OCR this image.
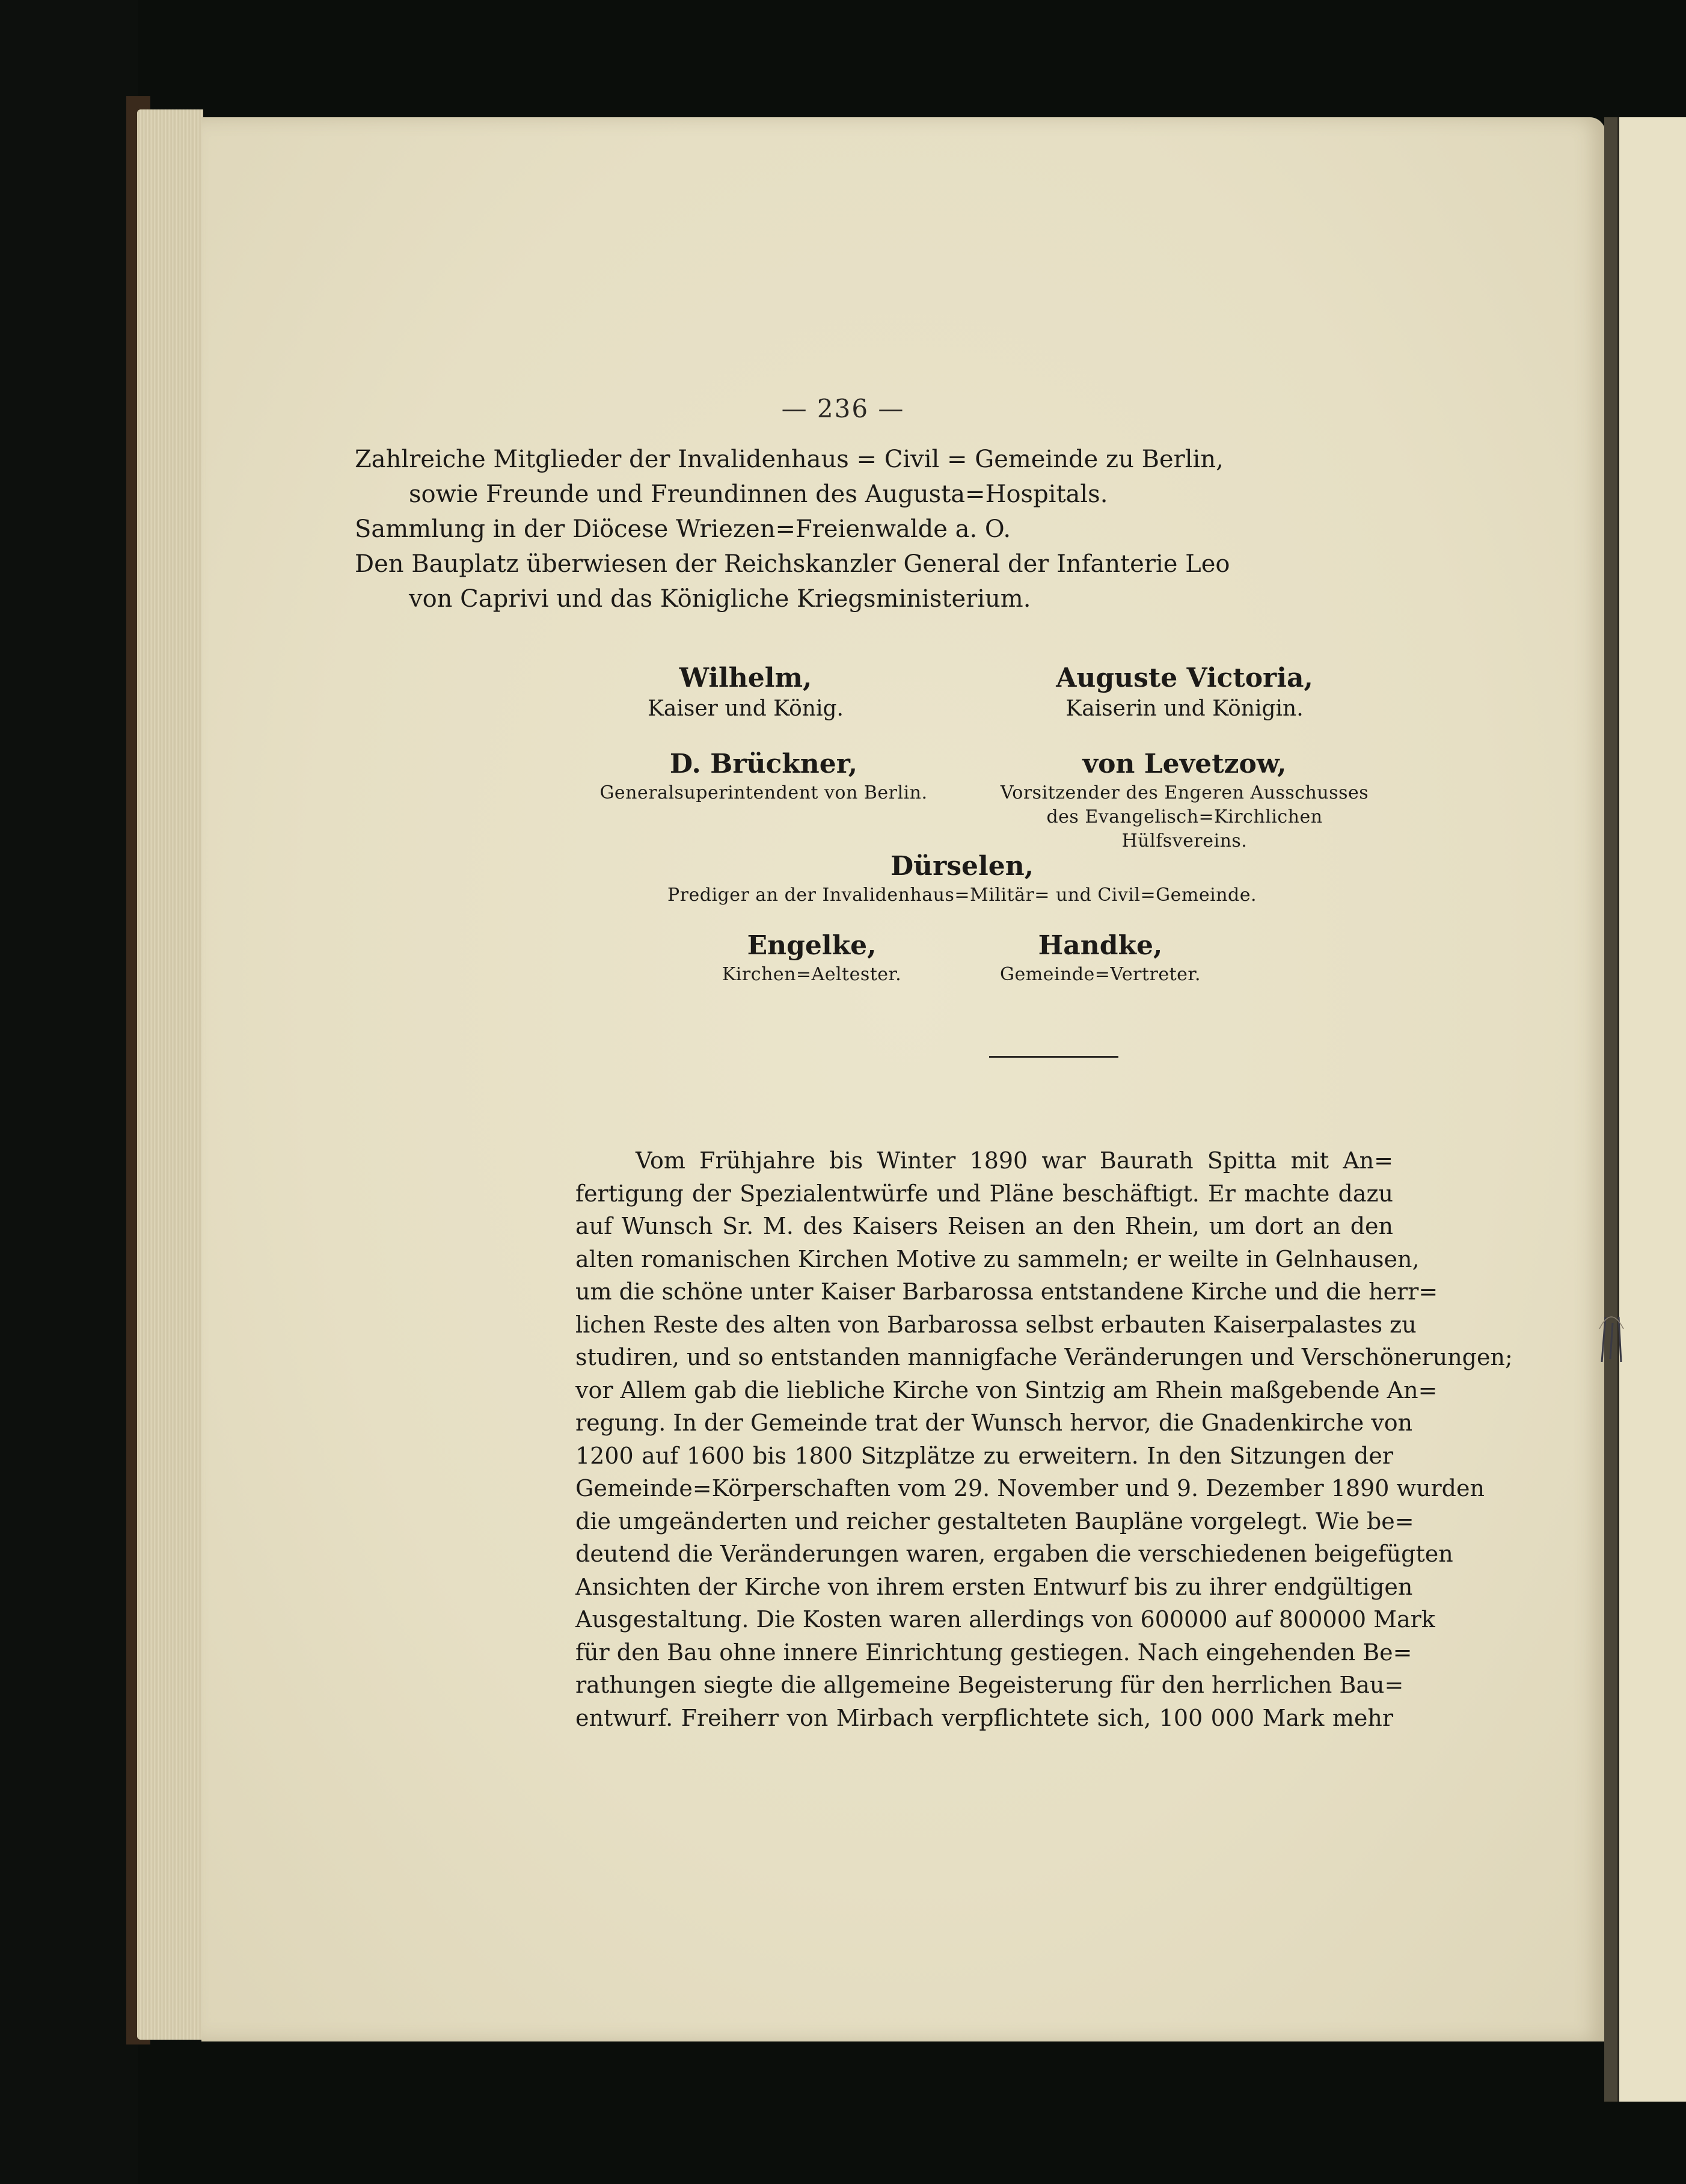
— 236 —
Zahlreiche Mitglieder der Invalidenhaus = Civil = Gemeinde zu Berlin,
sowie Freunde und Freundinnen des Augusta=Hospitals.
Sammlung in der Diöcese Wriezen=Freienwalde a. O.
Den Bauplatz überwiesen der Reichskanzler General der Infanterie Leo
von Caprivi und das Königliche Kriegsministerium.
Wilhelm,
Kaiser und König.
Auguste Victoria,
Kaiserin und Königin.
D. Brückner,
Generalsuperintendent von Berlin.
von Levetzow,
Vorsitzender des Engeren Ausschusses
des Evangelisch=Kirchlichen Hülfsvereins.
Dürselen,
Prediger an der Invalidenhaus=Militär= und Civil=Gemeinde.
Engelke,
Kirchen=Aeltester.
Handke,
Gemeinde=Vertreter.
Vom Frühjahre bis Winter 1890 war Baurath Spitta mit An=
fertigung der Spezialentwürfe und Pläne beschäftigt. Er machte dazu
auf Wunsch Sr. M. des Kaisers Reisen an den Rhein, um dort an den
alten romanischen Kirchen Motive zu sammeln; er weilte in Gelnhausen,
um die schöne unter Kaiser Barbarossa entstandene Kirche und die herr=
lichen Reste des alten von Barbarossa selbst erbauten Kaiserpalastes zu
studiren, und so entstanden mannigfache Veränderungen und Verschönerungen;
vor Allem gab die liebliche Kirche von Sintzig am Rhein maßgebende An=
regung. In der Gemeinde trat der Wunsch hervor, die Gnadenkirche von
1200 auf 1600 bis 1800 Sitzplätze zu erweitern. In den Sitzungen der
Gemeinde=Körperschaften vom 29. November und 9. Dezember 1890 wurden
die umgeänderten und reicher gestalteten Baupläne vorgelegt. Wie be=
deutend die Veränderungen waren, ergaben die verschiedenen beigefügten
Ansichten der Kirche von ihrem ersten Entwurf bis zu ihrer endgültigen
Ausgestaltung. Die Kosten waren allerdings von 600000 auf 800000 Mark
für den Bau ohne innere Einrichtung gestiegen. Nach eingehenden Be=
rathungen siegte die allgemeine Begeisterung für den herrlichen Bau=
entwurf. Freiherr von Mirbach verpflichtete sich, 100 000 Mark mehr
